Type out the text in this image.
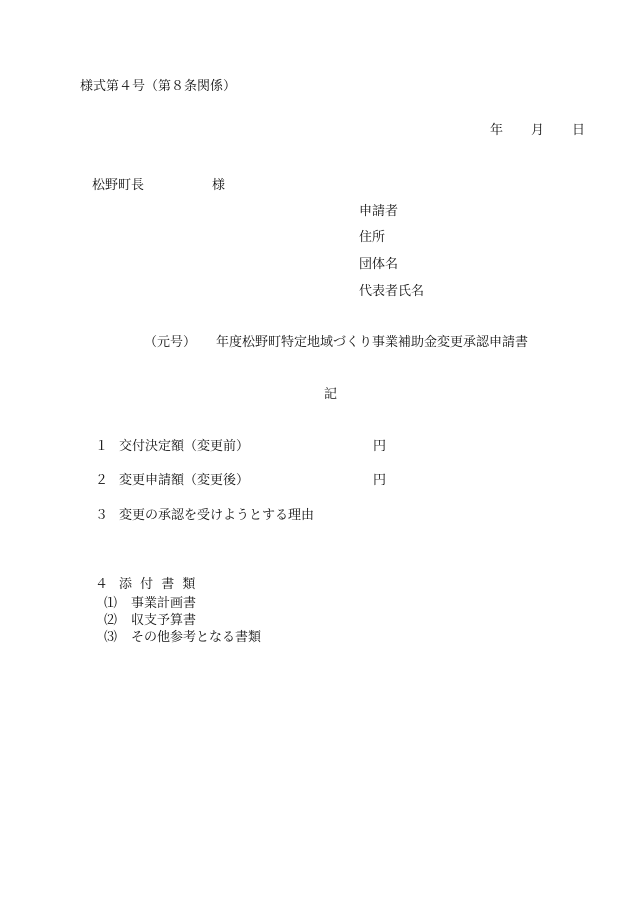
様式第４号（第８条関係）
年 月 日
松野町長	様
申請者
住所
団体名
代表者氏名
（元号） 年度松野町特定地域づくり事業補助金変更承認申請書
記
１ 交付決定額（変更前）	円
２ 変更申請額（変更後）	円
３ 変更の承認を受けようとする理由
４ 添 付 書 類
⑴ 事業計画書
⑵ 収支予算書
⑶ その他参考となる書類
